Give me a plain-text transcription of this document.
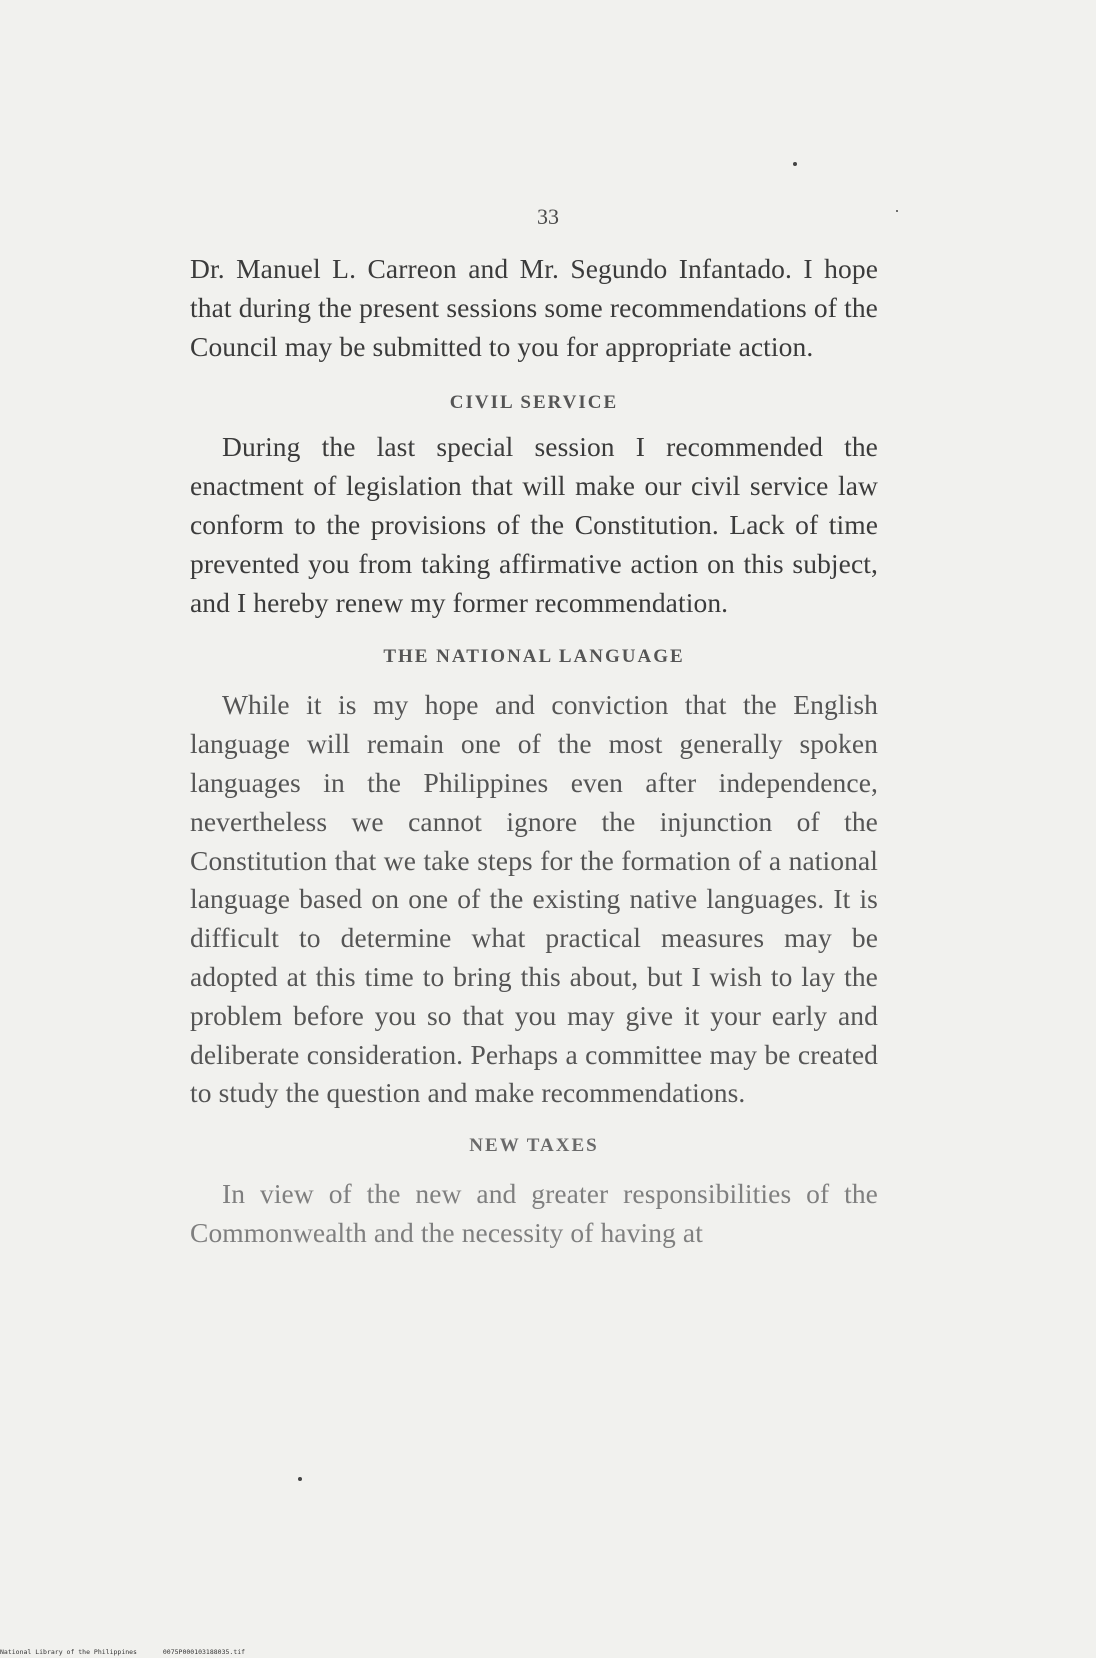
33

Dr. Manuel L. Carreon and Mr. Segundo Infantado. I hope that during the present sessions some recommendations of the Council may be submitted to you for appropriate action.

CIVIL SERVICE

During the last special session I recommended the enactment of legislation that will make our civil service law conform to the provisions of the Constitution. Lack of time prevented you from taking affirmative action on this subject, and I hereby renew my former recommendation.

THE NATIONAL LANGUAGE

While it is my hope and conviction that the English language will remain one of the most generally spoken languages in the Philippines even after independence, nevertheless we cannot ignore the injunction of the Constitution that we take steps for the formation of a national language based on one of the existing native languages. It is difficult to determine what practical measures may be adopted at this time to bring this about, but I wish to lay the problem before you so that you may give it your early and deliberate consideration. Perhaps a committee may be created to study the question and make recommendations.

NEW TAXES

In view of the new and greater responsibilities of the Commonwealth and the necessity of having at

National Library of the Philippines	0075P000103188035.tif
